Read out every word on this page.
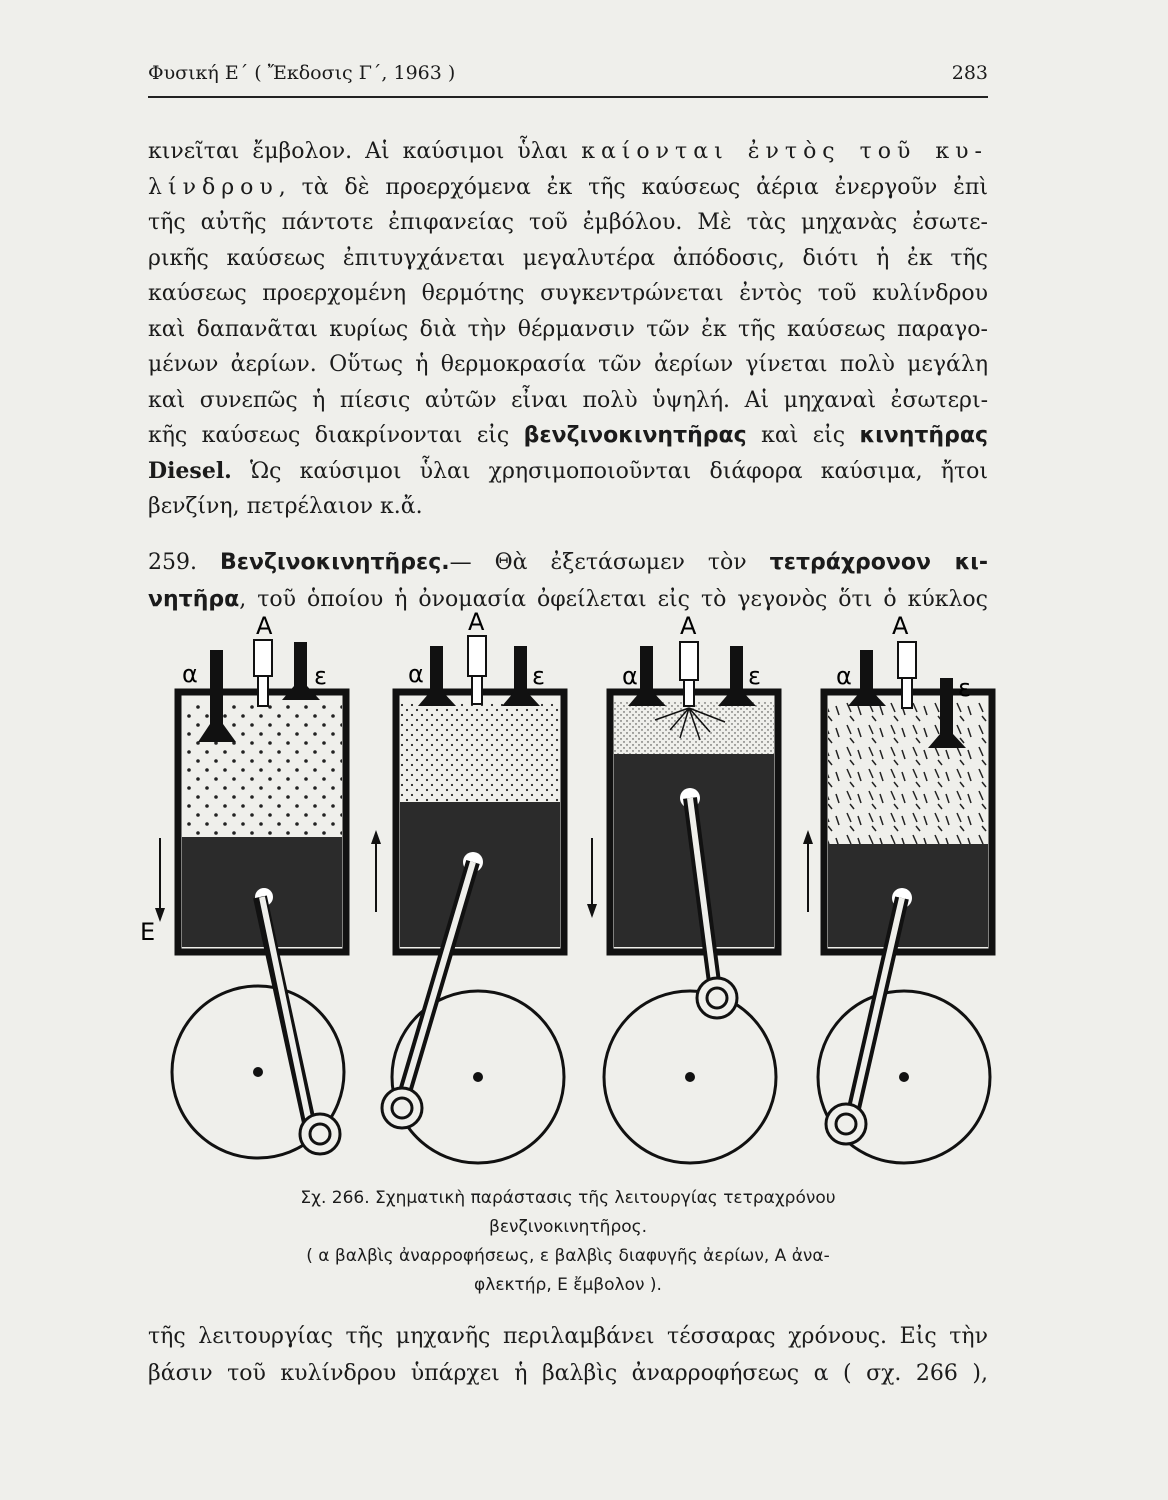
Φυσική Ε΄ ( Ἔκδοσις Γ΄, 1963 )	283

κινεῖται ἔμβολον. Αἱ καύσιμοι ὗλαι καίονται ἐντὸς τοῦ κυ-

λίνδρου, τὰ δὲ προερχόμενα ἐκ τῆς καύσεως ἀέρια ἐνεργοῦν ἐπὶ

τῆς αὐτῆς πάντοτε ἐπιφανείας τοῦ ἐμβόλου. Μὲ τὰς μηχανὰς ἐσωτε-

ρικῆς καύσεως ἐπιτυγχάνεται μεγαλυτέρα ἀπόδοσις, διότι ἡ ἐκ τῆς

καύσεως προερχομένη θερμότης συγκεντρώνεται ἐντὸς τοῦ κυλίνδρου

καὶ δαπανᾶται κυρίως διὰ τὴν θέρμανσιν τῶν ἐκ τῆς καύσεως παραγο-

μένων ἀερίων. Οὕτως ἡ θερμοκρασία τῶν ἀερίων γίνεται πολὺ μεγάλη

καὶ συνεπῶς ἡ πίεσις αὐτῶν εἶναι πολὺ ὑψηλή. Αἱ μηχαναὶ ἐσωτερι-

κῆς καύσεως διακρίνονται εἰς βενζινοκινητῆρας καὶ εἰς κινητῆρας

Diesel. Ὡς καύσιμοι ὗλαι χρησιμοποιοῦνται διάφορα καύσιμα, ἤτοι

βενζίνη, πετρέλαιον κ.ἄ.

259. Βενζινοκινητῆρες.— Θὰ ἐξετάσωμεν τὸν τετράχρονον κι-

νητῆρα, τοῦ ὁποίου ἡ ὀνομασία ὀφείλεται εἰς τὸ γεγονὸς ὅτι ὁ κύκλος

α
A
ε
Ε
α
A
ε	α
A
ε	α
A
ε
Σχ. 266. Σχηματικὴ παράστασις τῆς λειτουργίας τετραχρόνου
βενζινοκινητῆρος.
( α βαλβὶς ἀναρροφήσεως, ε βαλβὶς διαφυγῆς ἀερίων, Α ἀνα-
φλεκτήρ, Ε ἔμβολον ).

τῆς λειτουργίας τῆς μηχανῆς περιλαμβάνει τέσσαρας χρόνους. Εἰς τὴν

βάσιν τοῦ κυλίνδρου ὑπάρχει ἡ βαλβὶς ἀναρροφήσεως α ( σχ. 266 ),
